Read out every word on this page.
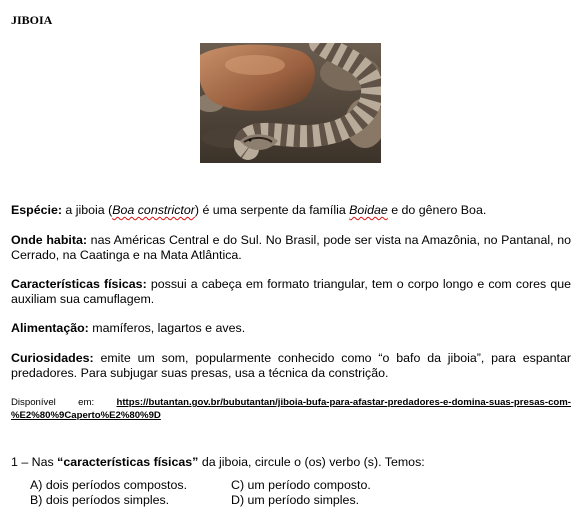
JIBOIA

Espécie: a jiboia (Boa constrictor) é uma serpente da família Boidae e do gênero Boa.

Onde habita: nas Américas Central e do Sul. No Brasil, pode ser vista na Amazônia, no Pantanal, no Cerrado, na Caatinga e na Mata Atlântica.

Características físicas: possui a cabeça em formato triangular, tem o corpo longo e com cores que auxiliam sua camuflagem.

Alimentação: mamíferos, lagartos e aves.

Curiosidades: emite um som, popularmente conhecido como “o bafo da jiboia”, para espantar predadores. Para subjugar suas presas, usa a técnica da constrição.

Disponível em: https://butantan.gov.br/bubutantan/jiboia-bufa-para-afastar-predadores-e-domina-suas-presas-com-%E2%80%9Caperto%E2%80%9D
1 – Nas “características físicas” da jiboia, circule o (os) verbo (s). Temos:
A) dois períodos compostos.
B) dois períodos simples.
C) um período composto.
D) um período simples.
